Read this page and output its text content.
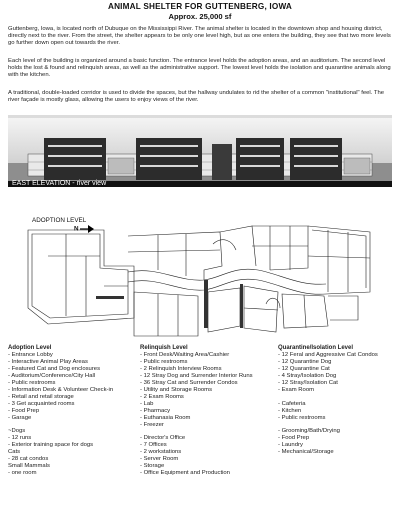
ANIMAL SHELTER FOR GUTTENBERG, IOWA
Approx. 25,000 sf

Guttenberg, Iowa, is located north of Dubuque on the Mississippi River. The animal shelter is located in the downtown shop and housing district, directly next to the river. From the street, the shelter appears to be only one level high, but as one enters the building, they see that two more levels go further down open out towards the river.

Each level of the building is organized around a basic function. The entrance level holds the adoption areas, and an auditorium. The second level holds the lost & found and relinquish areas, as well as the administrative support. The lowest level holds the isolation and quarantine animals along with the kitchen.

A traditional, double-loaded corridor is used to divide the spaces, but the hallway undulates to rid the shelter of a common "institutional" feel. The river façade is mostly glass, allowing the users to enjoy views of the river.

EAST ELEVATION - river view
ADOPTION LEVEL
N
Adoption Level
- Entrance Lobby
- Interactive Animal Play Areas
- Featured Cat and Dog enclosures
- Auditorium/Conference/City Hall
- Public restrooms
- Information Desk & Volunteer Check-in
- Retail and retail storage
- 3 Get acquainted rooms
- Food Prep
- Garage
~Dogs
- 12 runs
- Exterior training space for dogs
Cats
- 28 cat condos
Small Mammals
- one room
Relinquish Level
- Front Desk/Waiting Area/Cashier
- Public restrooms
- 2 Relinquish Interview Rooms
- 12 Stray Dog and Surrender Interior Runs
- 36 Stray Cat and Surrender Condos
- Utility and Storage Rooms
- 2 Exam Rooms
- Lab
- Pharmacy
- Euthanasia Room
- Freezer
- Director's Office
- 7 Offices
- 2 workstations
- Server Room
- Storage
- Office Equipment and Production
Quarantine/Isolation Level
- 12 Feral and Aggressive Cat Condos
- 12 Quarantine Dog
- 12 Quarantine Cat
- 4 Stray/Isolation Dog
- 12 Stray/Isolation Cat
- Exam Room
- Cafeteria
- Kitchen
- Public restrooms
- Grooming/Bath/Drying
- Food Prep
- Laundry
- Mechanical/Storage
